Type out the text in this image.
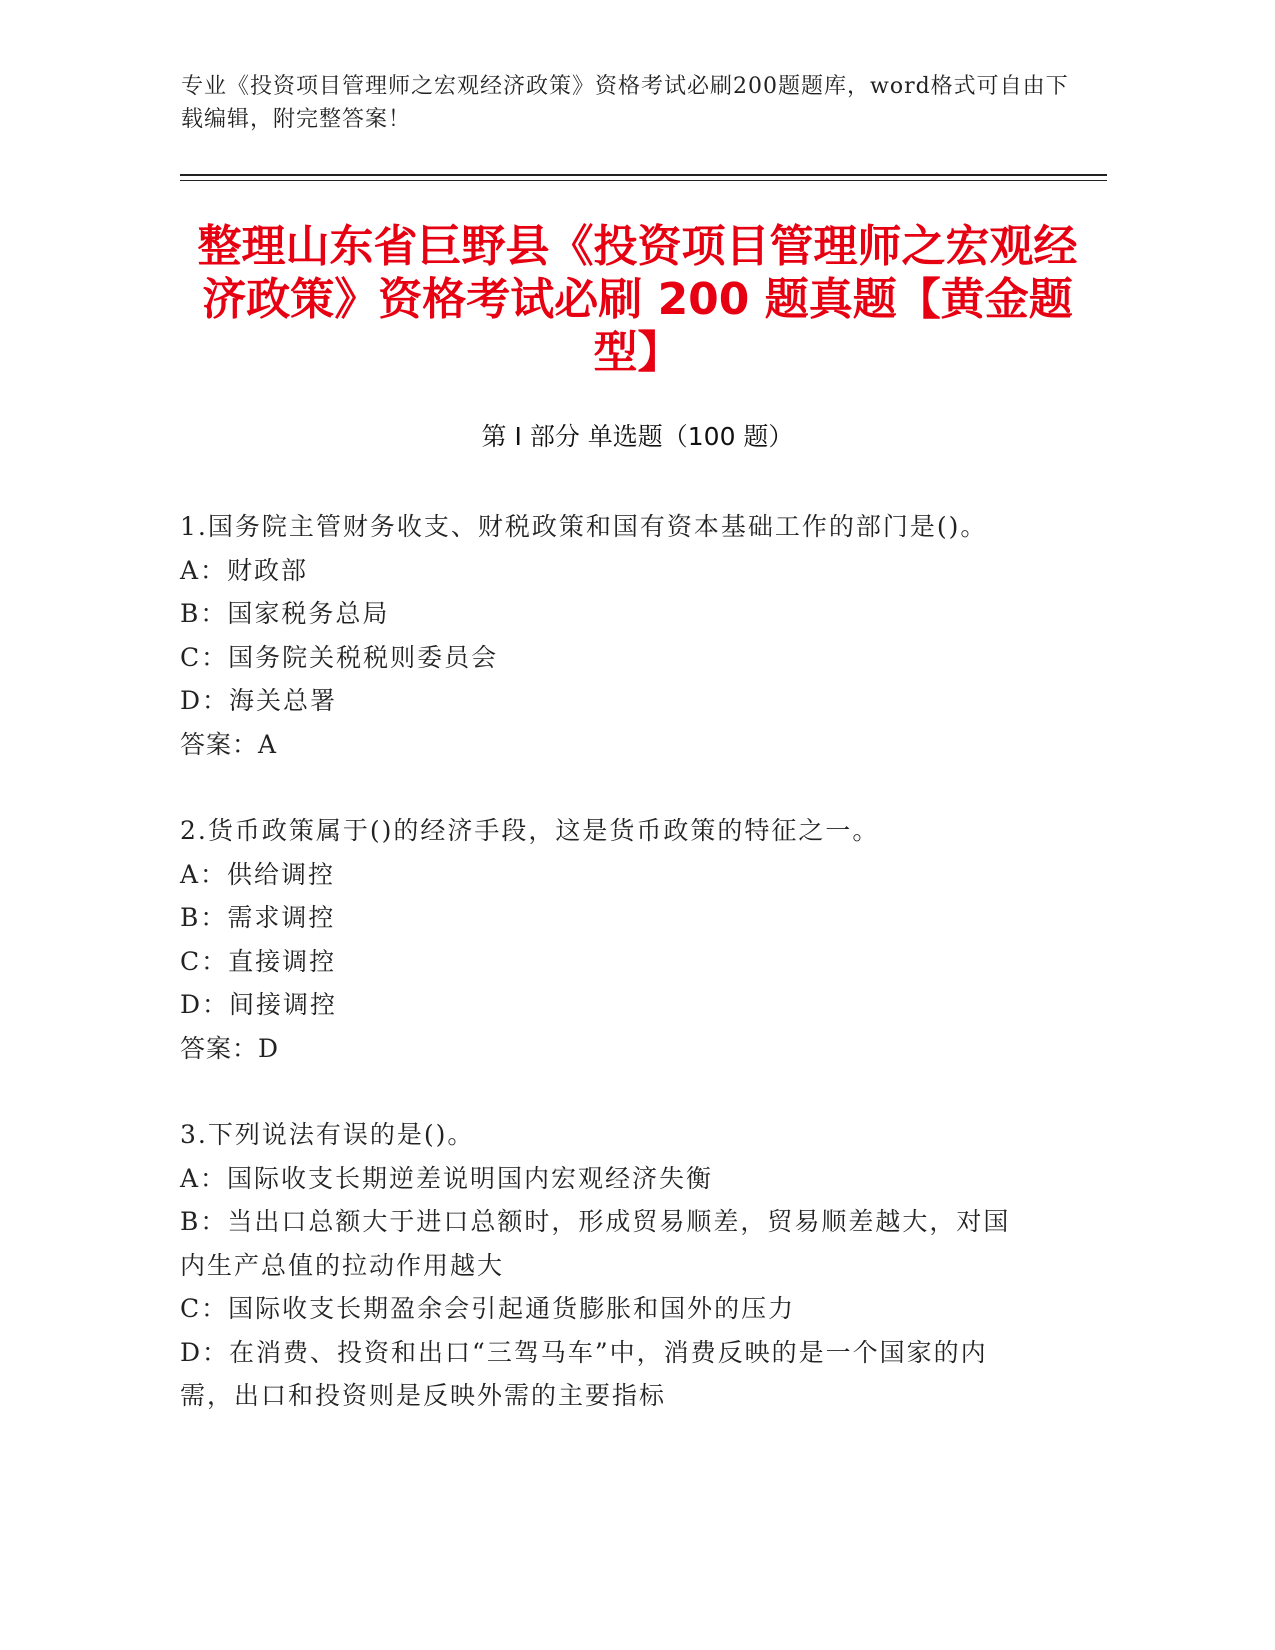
专业《投资项目管理师之宏观经济政策》资格考试必刷200题题库，word格式可自由下载编辑，附完整答案！
整理山东省巨野县《投资项目管理师之宏观经济政策》资格考试必刷 200 题真题【黄金题型】
第 I 部分 单选题（100 题）
1.国务院主管财务收支、财税政策和国有资本基础工作的部门是()。
A：财政部
B：国家税务总局
C：国务院关税税则委员会
D：海关总署
答案：A
2.货币政策属于()的经济手段，这是货币政策的特征之一。
A：供给调控
B：需求调控
C：直接调控
D：间接调控
答案：D
3.下列说法有误的是()。
A：国际收支长期逆差说明国内宏观经济失衡
B：当出口总额大于进口总额时，形成贸易顺差，贸易顺差越大，对国内生产总值的拉动作用越大
C：国际收支长期盈余会引起通货膨胀和国外的压力
D：在消费、投资和出口“三驾马车”中，消费反映的是一个国家的内需，出口和投资则是反映外需的主要指标
